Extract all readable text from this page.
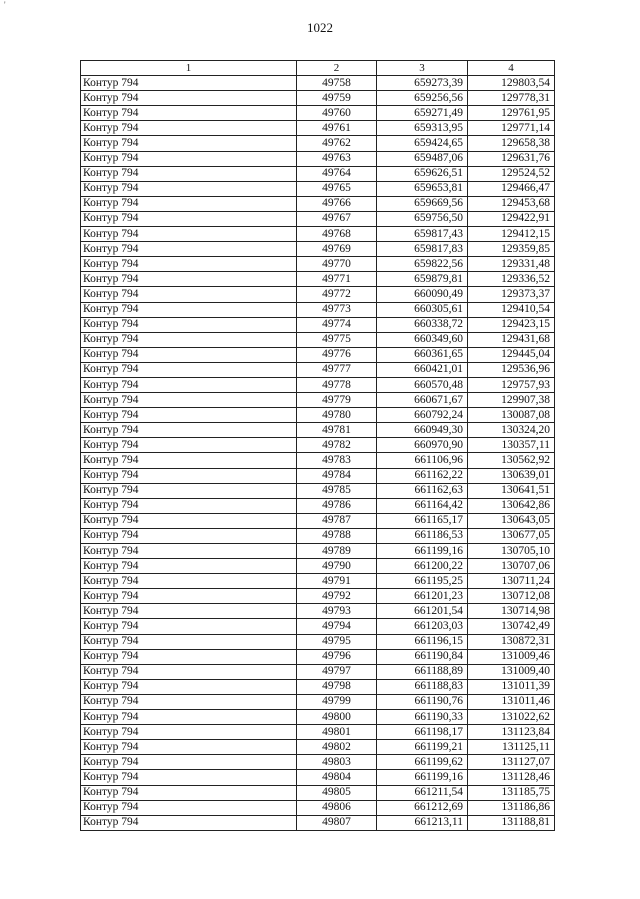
'
1022
1	2	3	4
Контур 794	49758	659273,39	129803,54
Контур 794	49759	659256,56	129778,31
Контур 794	49760	659271,49	129761,95
Контур 794	49761	659313,95	129771,14
Контур 794	49762	659424,65	129658,38
Контур 794	49763	659487,06	129631,76
Контур 794	49764	659626,51	129524,52
Контур 794	49765	659653,81	129466,47
Контур 794	49766	659669,56	129453,68
Контур 794	49767	659756,50	129422,91
Контур 794	49768	659817,43	129412,15
Контур 794	49769	659817,83	129359,85
Контур 794	49770	659822,56	129331,48
Контур 794	49771	659879,81	129336,52
Контур 794	49772	660090,49	129373,37
Контур 794	49773	660305,61	129410,54
Контур 794	49774	660338,72	129423,15
Контур 794	49775	660349,60	129431,68
Контур 794	49776	660361,65	129445,04
Контур 794	49777	660421,01	129536,96
Контур 794	49778	660570,48	129757,93
Контур 794	49779	660671,67	129907,38
Контур 794	49780	660792,24	130087,08
Контур 794	49781	660949,30	130324,20
Контур 794	49782	660970,90	130357,11
Контур 794	49783	661106,96	130562,92
Контур 794	49784	661162,22	130639,01
Контур 794	49785	661162,63	130641,51
Контур 794	49786	661164,42	130642,86
Контур 794	49787	661165,17	130643,05
Контур 794	49788	661186,53	130677,05
Контур 794	49789	661199,16	130705,10
Контур 794	49790	661200,22	130707,06
Контур 794	49791	661195,25	130711,24
Контур 794	49792	661201,23	130712,08
Контур 794	49793	661201,54	130714,98
Контур 794	49794	661203,03	130742,49
Контур 794	49795	661196,15	130872,31
Контур 794	49796	661190,84	131009,46
Контур 794	49797	661188,89	131009,40
Контур 794	49798	661188,83	131011,39
Контур 794	49799	661190,76	131011,46
Контур 794	49800	661190,33	131022,62
Контур 794	49801	661198,17	131123,84
Контур 794	49802	661199,21	131125,11
Контур 794	49803	661199,62	131127,07
Контур 794	49804	661199,16	131128,46
Контур 794	49805	661211,54	131185,75
Контур 794	49806	661212,69	131186,86
Контур 794	49807	661213,11	131188,81
